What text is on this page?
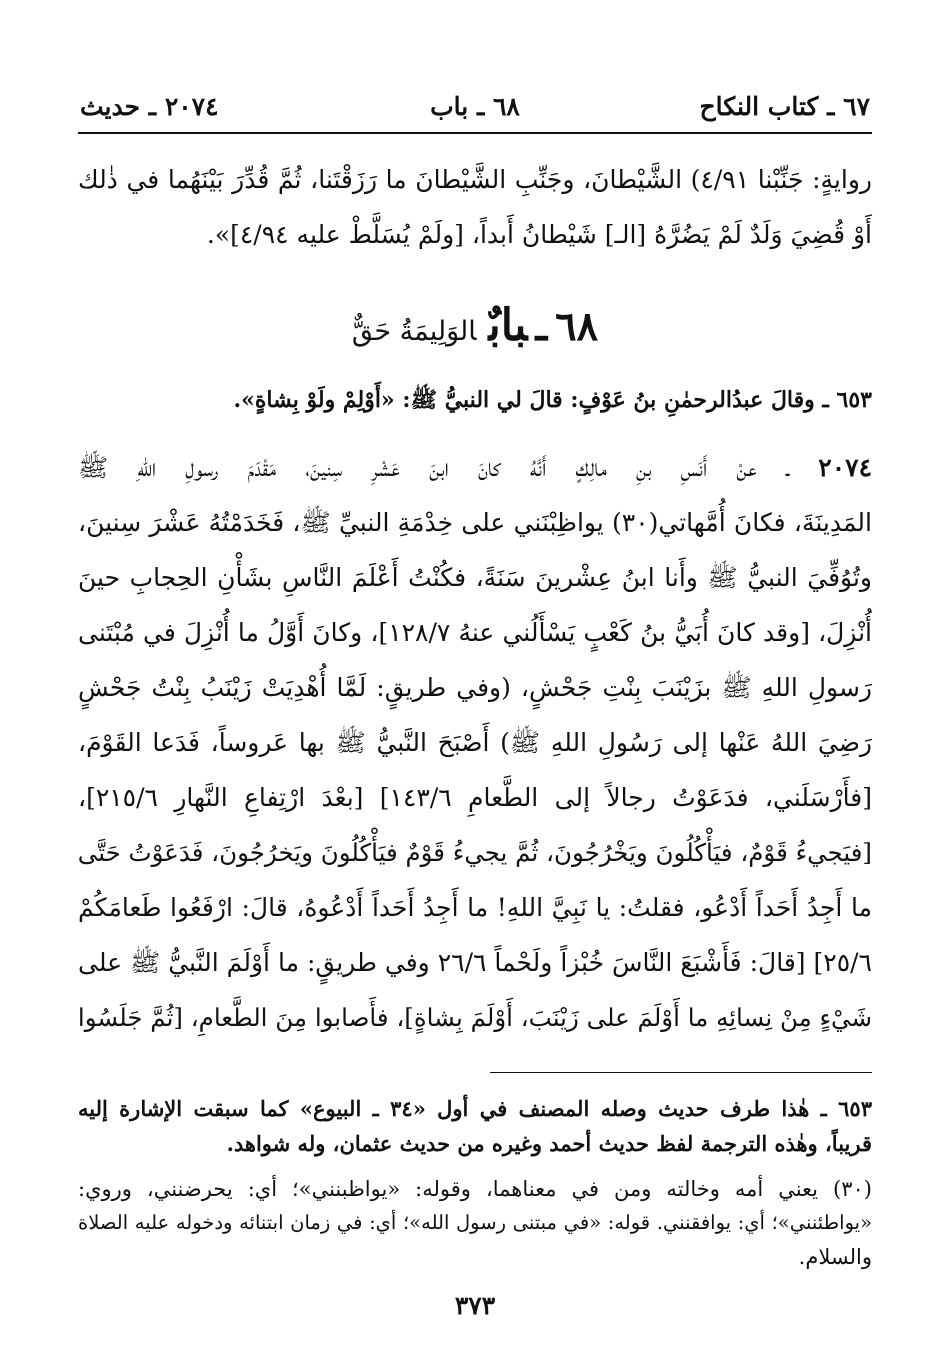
٦٧ ـ كتاب النكاح
٦٨ ـ باب
٢٠٧٤ ـ حديث
روايةٍ: جَنِّبْنا ٤/٩١) الشَّيْطانَ، وجَنِّبِ الشَّيْطانَ ما رَزَقْتَنا، ثُمَّ قُدِّرَ بَيْنَهُما في ذٰلك
أَوْ قُضِيَ وَلَدٌ لَمْ يَضُرَّهُ [الـ] شَيْطانُ أَبداً، [ولَمْ يُسَلَّطْ عليه ٤/٩٤]».
٦٨ـبابٌالوَلِيمَةُ حَقٌّ
٦٥٣ ـ وقالَ عبدُالرحمٰنِ بنُ عَوْفٍ: قالَ لي النبيُّ ﷺ: «أَوْلِمْ ولَوْ بِشاةٍ».
٢٠٧٤ ـ عنْ أَنَسِ بنِ مالِكٍ أَنَّهُ كانَ ابنَ عَشْرِ سِنينَ، مَقْدَمَ رسولِ اللهِ ﷺ
المَدِينَةَ، فكانَ أُمَّهاتي(٣٠) يواظِبْنَني على خِدْمَةِ النبيِّ ﷺ، فَخَدَمْتُهُ عَشْرَ سِنينَ،
وتُوُفِّيَ النبيُّ ﷺ وأَنا ابنُ عِشْرينَ سَنَةً، فكُنْتُ أَعْلَمَ النَّاسِ بشَأْنِ الحِجابِ حينَ
أُنْزِلَ، [وقد كانَ أُبَيُّ بنُ كَعْبٍ يَسْأَلُني عنهُ ١٢٨/٧]، وكانَ أَوَّلُ ما أُنْزِلَ في مُبْتَنى
رَسولِ اللهِ ﷺ بزَيْنَبَ بِنْتِ جَحْشٍ، (وفي طريقٍ: لَمَّا أُهْدِيَتْ زَيْنَبُ بِنْتُ جَحْشٍ
رَضِيَ اللهُ عَنْها إلى رَسُولِ اللهِ ﷺ) أَصْبَحَ النَّبيُّ ﷺ بها عَروساً، فَدَعا القَوْمَ،
[فأَرْسَلَني، فدَعَوْتُ رجالاً إلى الطَّعامِ ١٤٣/٦] [بعْدَ ارْتِفاعِ النَّهارِ ٢١٥/٦]،
[فيَجيءُ قَوْمٌ، فيَأْكُلُونَ ويَخْرُجُونَ، ثُمَّ يجيءُ قَوْمٌ فيَأْكُلُونَ ويَخرُجُونَ، فَدَعَوْتُ حَتَّى
ما أَجِدُ أَحَداً أَدْعُو، فقلتُ: يا نَبِيَّ اللهِ! ما أَجِدُ أَحَداً أَدْعُوهُ، قالَ: ارْفَعُوا طَعامَكُمْ
٢٥/٦] [قالَ: فَأَشْبَعَ النَّاسَ خُبْزاً ولَحْماً ٢٦/٦ وفي طريقٍ: ما أَوْلَمَ النَّبيُّ ﷺ على
شَيْءٍ مِنْ نِسائِهِ ما أَوْلَمَ على زَيْنَبَ، أَوْلَمَ بِشاةٍ]، فأَصابوا مِنَ الطَّعامِ، [ثُمَّ جَلَسُوا
٦٥٣ ـ هٰذا طرف حديث وصله المصنف في أول «٣٤ ـ البيوع» كما سبقت الإشارة إليه
قريباً، وهٰذه الترجمة لفظ حديث أحمد وغيره من حديث عثمان، وله شواهد.
(٣٠) يعني أمه وخالته ومن في معناهما، وقوله: «يواظبنني»؛ أي: يحرضنني، وروي:
«يواطئنني»؛ أي: يوافقنني. قوله: «في مبتنى رسول الله»؛ أي: في زمان ابتنائه ودخوله عليه الصلاة
والسلام.
٣٧٣
